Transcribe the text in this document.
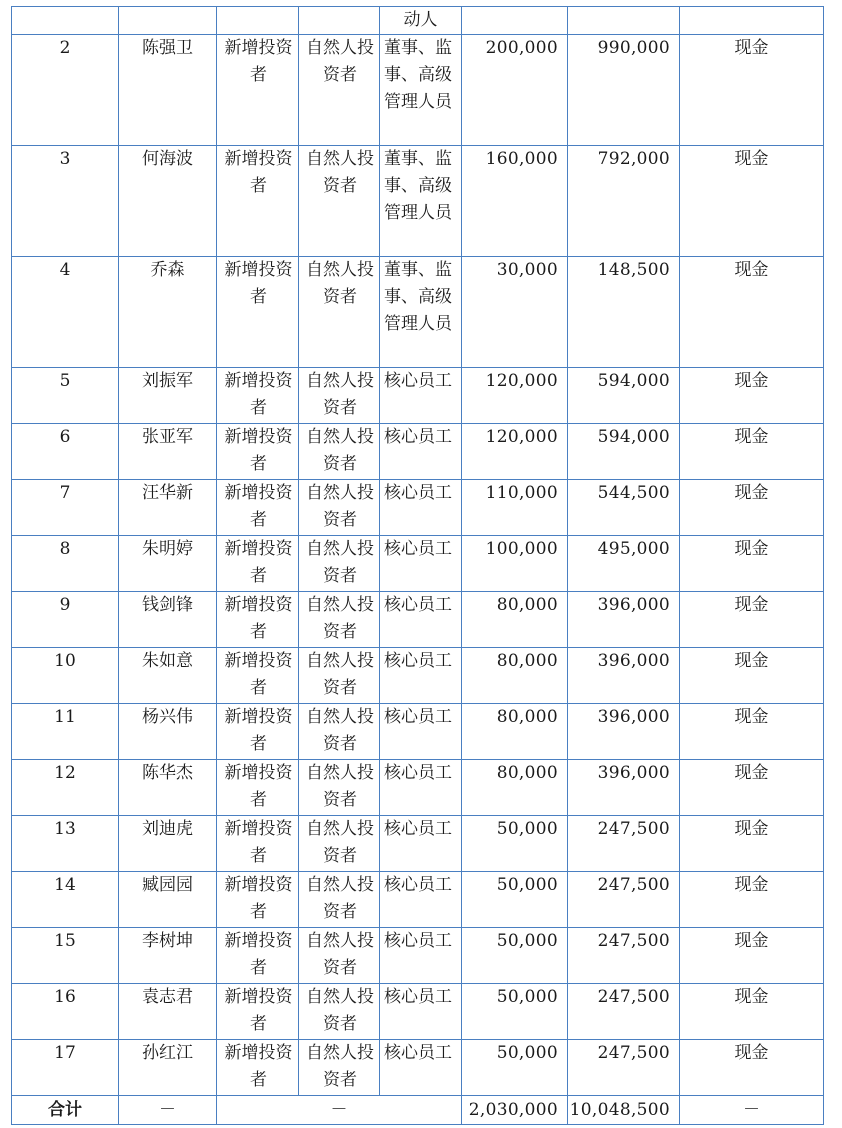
				动人			
2	陈强卫	新增投资者	自然人投资者	董事、监事、高级管理人员	200,000	990,000	现金
3	何海波	新增投资者	自然人投资者	董事、监事、高级管理人员	160,000	792,000	现金
4	乔森	新增投资者	自然人投资者	董事、监事、高级管理人员	30,000	148,500	现金
5	刘振军	新增投资者	自然人投资者	核心员工	120,000	594,000	现金
6	张亚军	新增投资者	自然人投资者	核心员工	120,000	594,000	现金
7	汪华新	新增投资者	自然人投资者	核心员工	110,000	544,500	现金
8	朱明婷	新增投资者	自然人投资者	核心员工	100,000	495,000	现金
9	钱剑锋	新增投资者	自然人投资者	核心员工	80,000	396,000	现金
10	朱如意	新增投资者	自然人投资者	核心员工	80,000	396,000	现金
11	杨兴伟	新增投资者	自然人投资者	核心员工	80,000	396,000	现金
12	陈华杰	新增投资者	自然人投资者	核心员工	80,000	396,000	现金
13	刘迪虎	新增投资者	自然人投资者	核心员工	50,000	247,500	现金
14	臧园园	新增投资者	自然人投资者	核心员工	50,000	247,500	现金
15	李树坤	新增投资者	自然人投资者	核心员工	50,000	247,500	现金
16	袁志君	新增投资者	自然人投资者	核心员工	50,000	247,500	现金
17	孙红江	新增投资者	自然人投资者	核心员工	50,000	247,500	现金
合计	－	－			2,030,000	10,048,500	－
